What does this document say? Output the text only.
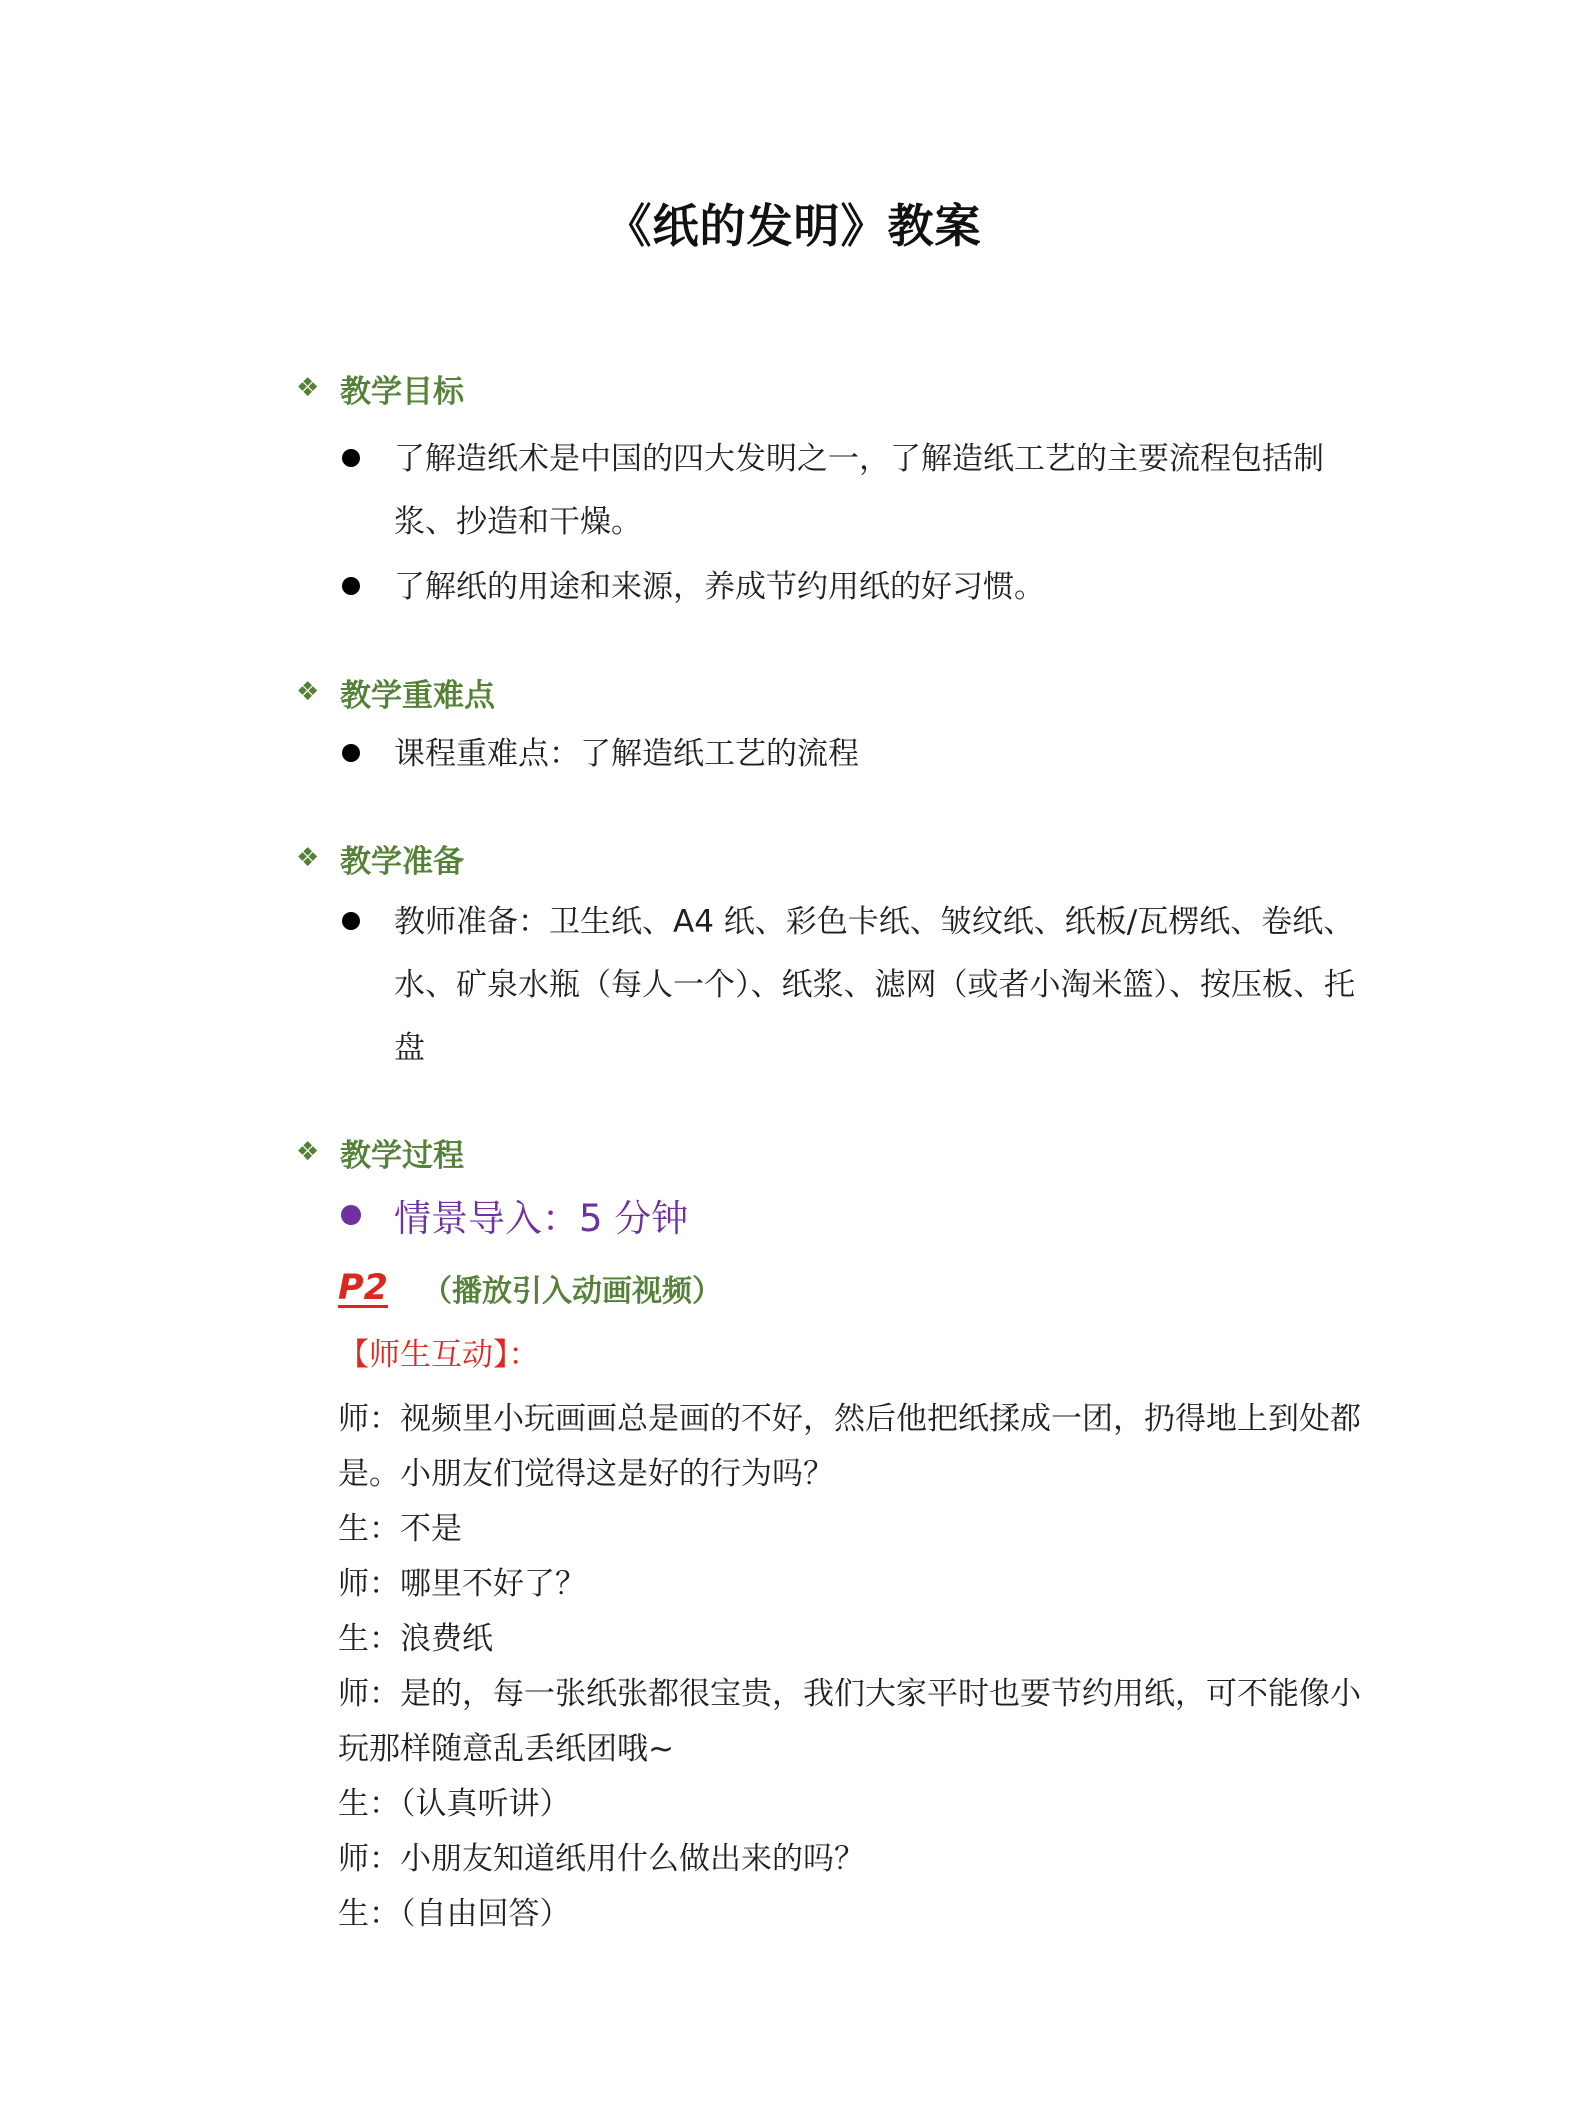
《纸的发明》教案
❖ 教学目标
了解造纸术是中国的四大发明之一，了解造纸工艺的主要流程包括制浆、抄造和干燥。
了解纸的用途和来源，养成节约用纸的好习惯。
❖ 教学重难点
课程重难点：了解造纸工艺的流程
❖ 教学准备
教师准备：卫生纸、A4 纸、彩色卡纸、皱纹纸、纸板/瓦楞纸、卷纸、水、矿泉水瓶（每人一个）、纸浆、滤网（或者小淘米篮）、按压板、托盘
❖ 教学过程
情景导入：5 分钟
P2	（播放引入动画视频）
【师生互动】：
师：视频里小玩画画总是画的不好，然后他把纸揉成一团，扔得地上到处都是。小朋友们觉得这是好的行为吗？
生：不是
师：哪里不好了？
生：浪费纸
师：是的，每一张纸张都很宝贵，我们大家平时也要节约用纸，可不能像小玩那样随意乱丢纸团哦~
生：（认真听讲）
师：小朋友知道纸用什么做出来的吗？
生：（自由回答）
